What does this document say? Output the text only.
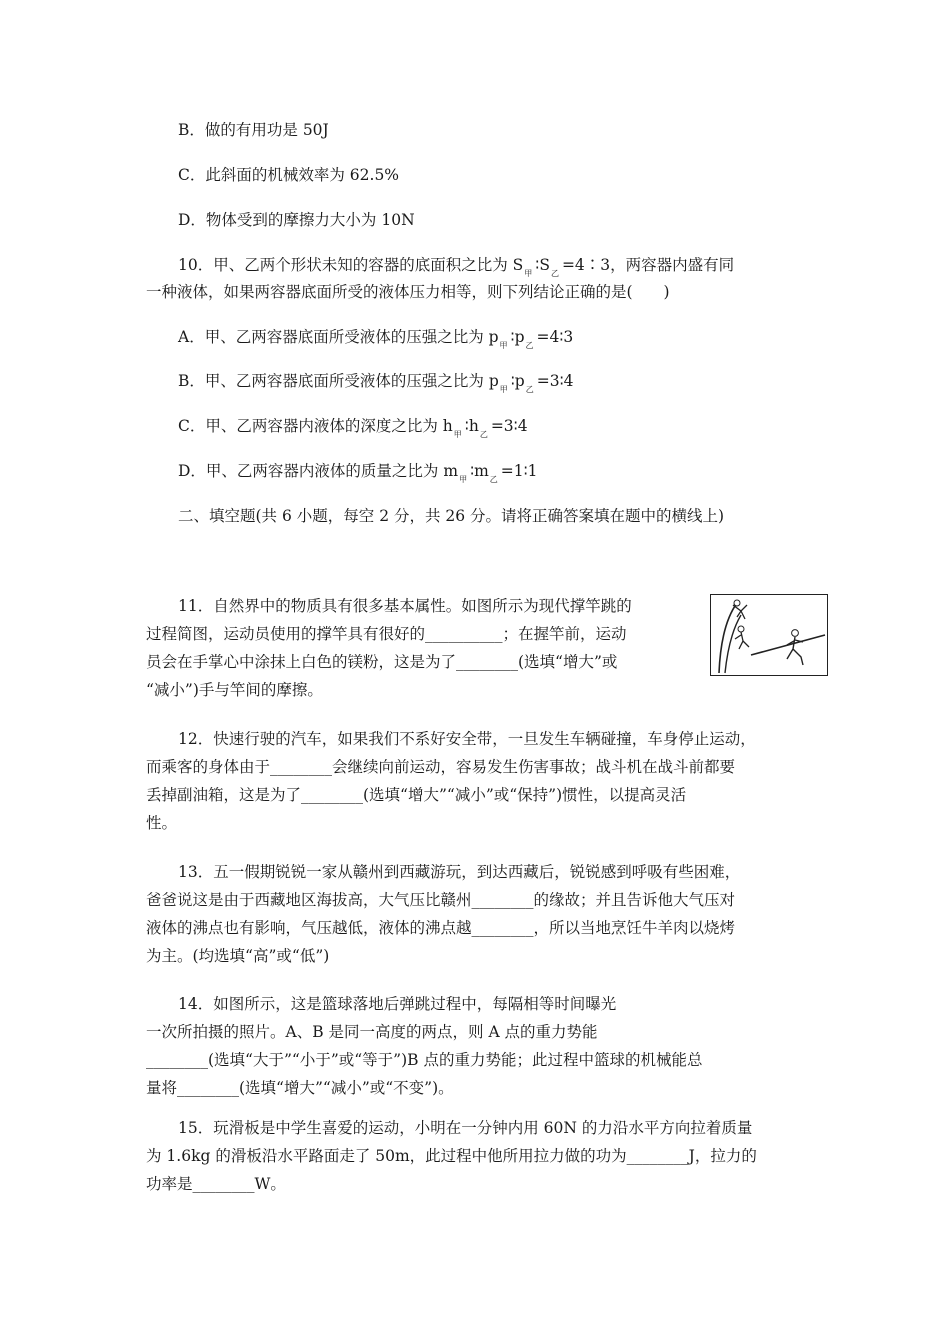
B．做的有用功是 50J
C．此斜面的机械效率为 62.5%
D．物体受到的摩擦力大小为 10N
10．甲、乙两个形状未知的容器的底面积之比为 $S_甲$ $∶S_乙$ =4∶3，两容器内盛有同
一种液体，如果两容器底面所受的液体压力相等，则下列结论正确的是(　　)
A．甲、乙两容器底面所受液体的压强之比为 $p_甲$ $∶p_乙$ =4∶3
B．甲、乙两容器底面所受液体的压强之比为 $p_甲$ $∶p_乙$ =3∶4
C．甲、乙两容器内液体的深度之比为 $h_甲$ $∶h_乙$ =3∶4
D．甲、乙两容器内液体的质量之比为 $m_甲$ $∶m_乙$ =1∶1
二、填空题(共 6 小题，每空 2 分，共 26 分。请将正确答案填在题中的横线上)
11．自然界中的物质具有很多基本属性。如图所示为现代撑竿跳的
过程简图，运动员使用的撑竿具有很好的__________；在握竿前，运动
员会在手掌心中涂抹上白色的镁粉，这是为了________(选填“增大”或
“减小”)手与竿间的摩擦。
12．快速行驶的汽车，如果我们不系好安全带，一旦发生车辆碰撞，车身停止运动，
而乘客的身体由于________会继续向前运动，容易发生伤害事故；战斗机在战斗前都要
丢掉副油箱，这是为了________(选填“增大”“减小”或“保持”)惯性，以提高灵活
性。
13．五一假期锐锐一家从赣州到西藏游玩，到达西藏后，锐锐感到呼吸有些困难，
爸爸说这是由于西藏地区海拔高，大气压比赣州________的缘故；并且告诉他大气压对
液体的沸点也有影响，气压越低，液体的沸点越________，所以当地烹饪牛羊肉以烧烤
为主。(均选填“高”或“低”)
14．如图所示，这是篮球落地后弹跳过程中，每隔相等时间曝光
一次所拍摄的照片。A、B 是同一高度的两点，则 A 点的重力势能
________(选填“大于”“小于”或“等于”)B 点的重力势能；此过程中篮球的机械能总
量将________(选填“增大”“减小”或“不变”)。
15．玩滑板是中学生喜爱的运动，小明在一分钟内用 60N 的力沿水平方向拉着质量
为 1.6kg 的滑板沿水平路面走了 50m，此过程中他所用拉力做的功为________J，拉力的
功率是________W。
